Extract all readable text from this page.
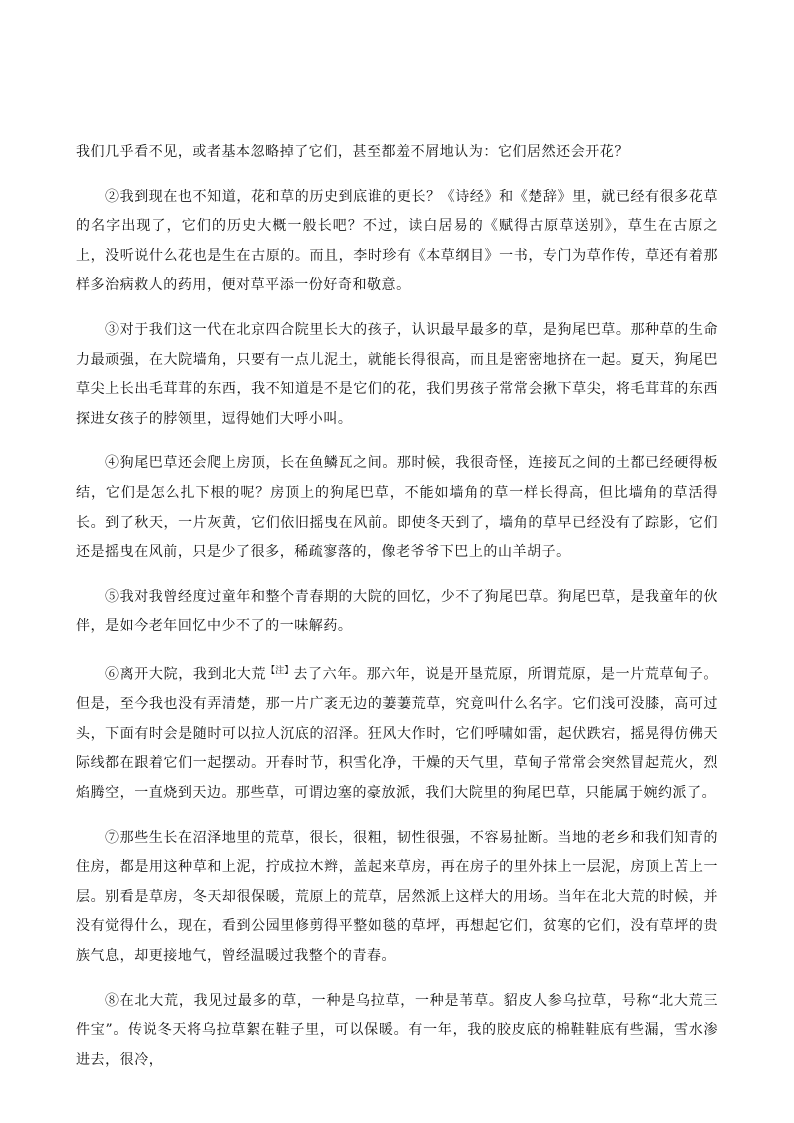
我们几乎看不见，或者基本忽略掉了它们，甚至都羞不屑地认为：它们居然还会开花？

②我到现在也不知道，花和草的历史到底谁的更长？《诗经》和《楚辞》里，就已经有很多花草的名字出现了，它们的历史大概一般长吧？不过，读白居易的《赋得古原草送别》，草生在古原之上，没听说什么花也是生在古原的。而且，李时珍有《本草纲目》一书，专门为草作传，草还有着那样多治病救人的药用，便对草平添一份好奇和敬意。

③对于我们这一代在北京四合院里长大的孩子，认识最早最多的草，是狗尾巴草。那种草的生命力最顽强，在大院墙角，只要有一点儿泥土，就能长得很高，而且是密密地挤在一起。夏天，狗尾巴草尖上长出毛茸茸的东西，我不知道是不是它们的花，我们男孩子常常会揪下草尖，将毛茸茸的东西探进女孩子的脖领里，逗得她们大呼小叫。

④狗尾巴草还会爬上房顶，长在鱼鳞瓦之间。那时候，我很奇怪，连接瓦之间的土都已经硬得板结，它们是怎么扎下根的呢？房顶上的狗尾巴草，不能如墙角的草一样长得高，但比墙角的草活得长。到了秋天，一片灰黄，它们依旧摇曳在风前。即使冬天到了，墙角的草早已经没有了踪影，它们还是摇曳在风前，只是少了很多，稀疏寥落的，像老爷爷下巴上的山羊胡子。

⑤我对我曾经度过童年和整个青春期的大院的回忆，少不了狗尾巴草。狗尾巴草，是我童年的伙伴，是如今老年回忆中少不了的一味解药。

⑥离开大院，我到北大荒$^{【注】}$去了六年。那六年，说是开垦荒原，所谓荒原，是一片荒草甸子。但是，至今我也没有弄清楚，那一片广袤无边的萋萋荒草，究竟叫什么名字。它们浅可没膝，高可过头，下面有时会是随时可以拉人沉底的沼泽。狂风大作时，它们呼啸如雷，起伏跌宕，摇晃得仿佛天际线都在跟着它们一起摆动。开春时节，积雪化净，干燥的天气里，草甸子常常会突然冒起荒火，烈焰腾空，一直烧到天边。那些草，可谓边塞的豪放派，我们大院里的狗尾巴草，只能属于婉约派了。

⑦那些生长在沼泽地里的荒草，很长，很粗，韧性很强，不容易扯断。当地的老乡和我们知青的住房，都是用这种草和上泥，拧成拉木辫，盖起来草房，再在房子的里外抹上一层泥，房顶上苫上一层。别看是草房，冬天却很保暖，荒原上的荒草，居然派上这样大的用场。当年在北大荒的时候，并没有觉得什么，现在，看到公园里修剪得平整如毯的草坪，再想起它们，贫寒的它们，没有草坪的贵族气息，却更接地气，曾经温暖过我整个的青春。

⑧在北大荒，我见过最多的草，一种是乌拉草，一种是苇草。貂皮人参乌拉草，号称“北大荒三件宝”。传说冬天将乌拉草絮在鞋子里，可以保暖。有一年，我的胶皮底的棉鞋鞋底有些漏，雪水渗进去，很冷，
